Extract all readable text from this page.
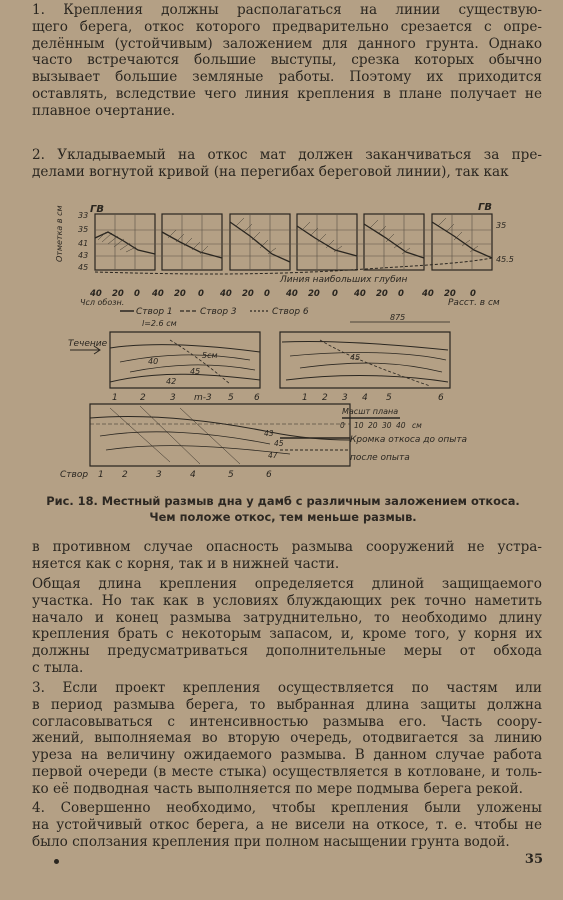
1. Крепления должны располагаться на линии существую-
щего берега, откос которого предварительно срезается с опре-
делённым (устойчивым) заложением для данного грунта. Однако
часто встречаются большие выступы, срезка которых обычно
вызывает большие земляные работы. Поэтому их приходится
оставлять, вследствие чего линия крепления в плане получает не
плавное очертание.
2. Укладываемый на откос мат должен заканчиваться за пре-
делами вогнутой кривой (на перегибах береговой линии), так как
ГВ	ГВ
Отметка в см 33
35
41
43
45
35
45.5
Линия наибольших глубин
40 20 0 40 20 0 40 20 0 40 20 0 40 20 0 40 20 0
Чсл обозн.	Расст. в см
Створ 1	Створ 3	Створ 6
l=2.6 см
875
Течение
40
45
42
45
5см
1 2	3 m-3 5 6	1 2 3 4 5	6
Масшт плана
0 10 20 30 40 см
43
45
47
Кромка откоса до опыта
после опыта
Створ 1 2	3	4	5	6
Рис. 18. Местный размыв дна у дамб с различным заложением откоса.
Чем положе откос, тем меньше размыв.
в противном случае опасность размыва сооружений не устра-
няется как с корня, так и в нижней части.
Общая длина крепления определяется длиной защищаемого
участка. Но так как в условиях блуждающих рек точно наметить
начало и конец размыва затруднительно, то необходимо длину
крепления брать с некоторым запасом, и, кроме того, у корня их
должны предусматриваться дополнительные меры от обхода
с тыла.
3. Если проект крепления осуществляется по частям или
в период размыва берега, то выбранная длина защиты должна
согласовываться с интенсивностью размыва его. Часть соору-
жений, выполняемая во вторую очередь, отодвигается за линию
уреза на величину ожидаемого размыва. В данном случае работа
первой очереди (в месте стыка) осуществляется в котловане, и толь-
ко её подводная часть выполняется по мере подмыва берега рекой.
4. Совершенно необходимо, чтобы крепления были уложены
на устойчивый откос берега, а не висели на откосе, т. е. чтобы не
было сползания крепления при полном насыщении грунта водой.
35
